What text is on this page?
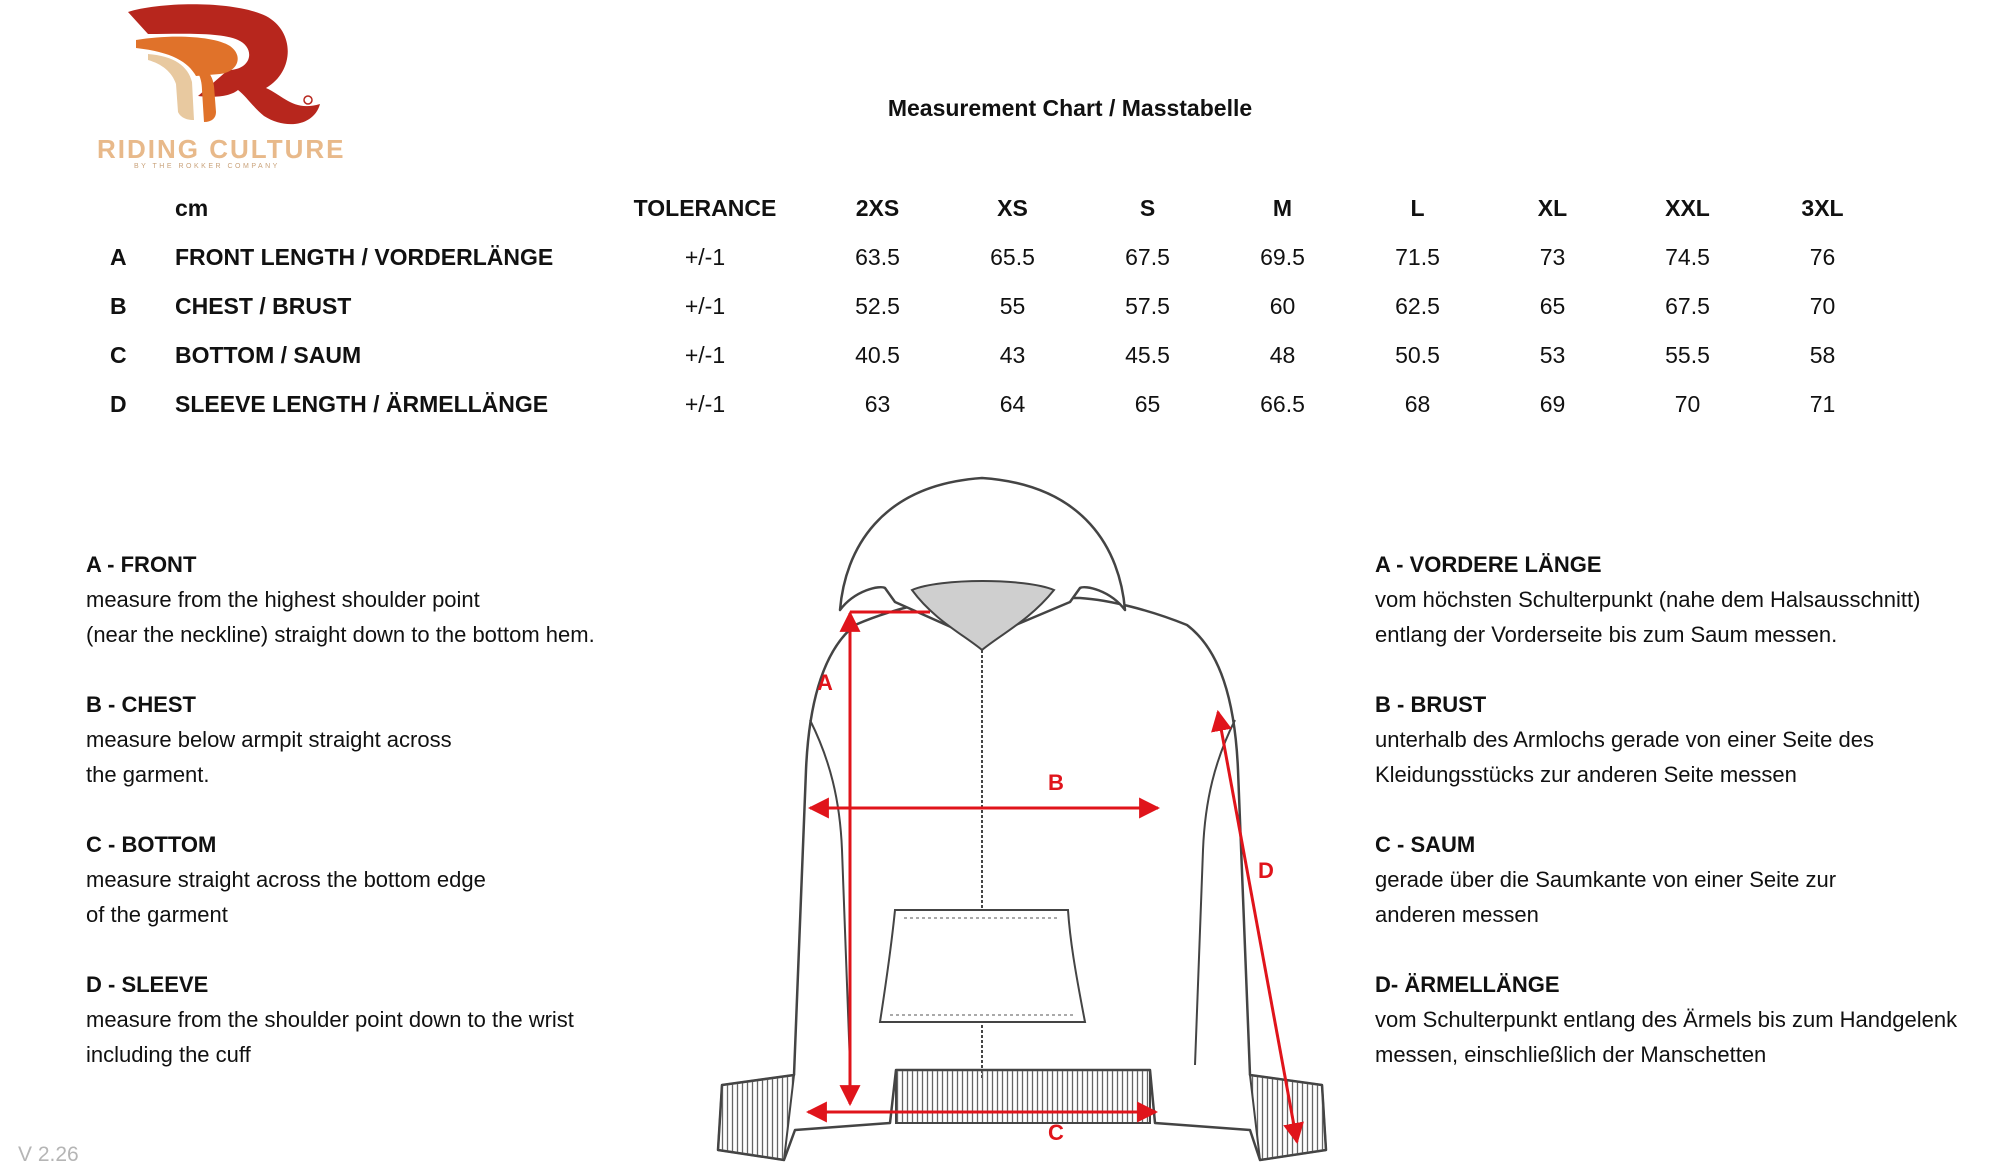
RIDING CULTURE
BY THE ROKKER COMPANY
Measurement Chart / Masstabelle
	cm	TOLERANCE	2XS	XS	S	M	L	XL	XXL	3XL
A	FRONT LENGTH / VORDERLÄNGE	+/-1	63.5	65.5	67.5	69.5	71.5	73	74.5	76
B	CHEST / BRUST	+/-1	52.5	55	57.5	60	62.5	65	67.5	70
C	BOTTOM / SAUM	+/-1	40.5	43	45.5	48	50.5	53	55.5	58
D	SLEEVE LENGTH / ÄRMELLÄNGE	+/-1	63	64	65	66.5	68	69	70	71
A - FRONT
measure from the highest shoulder point
(near the neckline) straight down to the bottom hem.
B - CHEST
measure below armpit straight across
the garment.
C - BOTTOM
measure straight across the bottom edge
of the garment
D - SLEEVE
measure from the shoulder point down to the wrist
including the cuff
A - VORDERE LÄNGE
vom höchsten Schulterpunkt (nahe dem Halsausschnitt)
entlang der Vorderseite bis zum Saum messen.
B - BRUST
unterhalb des Armlochs gerade von einer Seite des
Kleidungsstücks zur anderen Seite messen
C - SAUM
gerade über die Saumkante von einer Seite zur
anderen messen
D- ÄRMELLÄNGE
vom Schulterpunkt entlang des Ärmels bis zum Handgelenk
messen, einschließlich der Manschetten
A
B
C
D
V 2.26
